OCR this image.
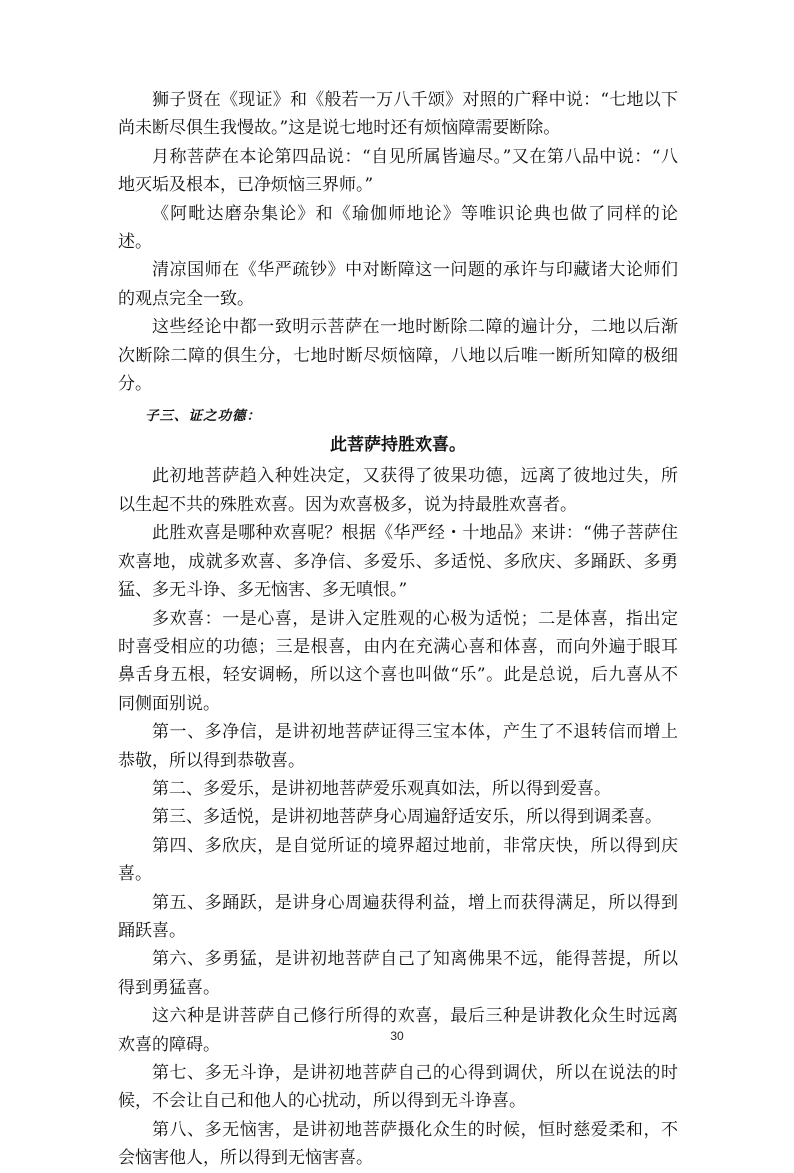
狮子贤在《现证》和《般若一万八千颂》对照的广释中说：“七地以下尚未断尽俱生我慢故。”这是说七地时还有烦恼障需要断除。

月称菩萨在本论第四品说：“自见所属皆遍尽。”又在第八品中说：“八地灭垢及根本，已净烦恼三界师。”

《阿毗达磨杂集论》和《瑜伽师地论》等唯识论典也做了同样的论述。

清凉国师在《华严疏钞》中对断障这一问题的承许与印藏诸大论师们的观点完全一致。

这些经论中都一致明示菩萨在一地时断除二障的遍计分，二地以后渐次断除二障的俱生分，七地时断尽烦恼障，八地以后唯一断所知障的极细分。

子三、证之功德：

此菩萨持胜欢喜。

此初地菩萨趋入种姓决定，又获得了彼果功德，远离了彼地过失，所以生起不共的殊胜欢喜。因为欢喜极多，说为持最胜欢喜者。

此胜欢喜是哪种欢喜呢？根据《华严经・十地品》来讲：“佛子菩萨住欢喜地，成就多欢喜、多净信、多爱乐、多适悦、多欣庆、多踊跃、多勇猛、多无斗诤、多无恼害、多无嗔恨。”

多欢喜：一是心喜，是讲入定胜观的心极为适悦；二是体喜，指出定时喜受相应的功德；三是根喜，由内在充满心喜和体喜，而向外遍于眼耳鼻舌身五根，轻安调畅，所以这个喜也叫做“乐”。此是总说，后九喜从不同侧面别说。

第一、多净信，是讲初地菩萨证得三宝本体，产生了不退转信而增上恭敬，所以得到恭敬喜。

第二、多爱乐，是讲初地菩萨爱乐观真如法，所以得到爱喜。

第三、多适悦，是讲初地菩萨身心周遍舒适安乐，所以得到调柔喜。

第四、多欣庆，是自觉所证的境界超过地前，非常庆快，所以得到庆喜。

第五、多踊跃，是讲身心周遍获得利益，增上而获得满足，所以得到踊跃喜。

第六、多勇猛，是讲初地菩萨自己了知离佛果不远，能得菩提，所以得到勇猛喜。

这六种是讲菩萨自己修行所得的欢喜，最后三种是讲教化众生时远离欢喜的障碍。

第七、多无斗诤，是讲初地菩萨自己的心得到调伏，所以在说法的时候，不会让自己和他人的心扰动，所以得到无斗诤喜。

第八、多无恼害，是讲初地菩萨摄化众生的时候，恒时慈爱柔和，不会恼害他人，所以得到无恼害喜。

30
